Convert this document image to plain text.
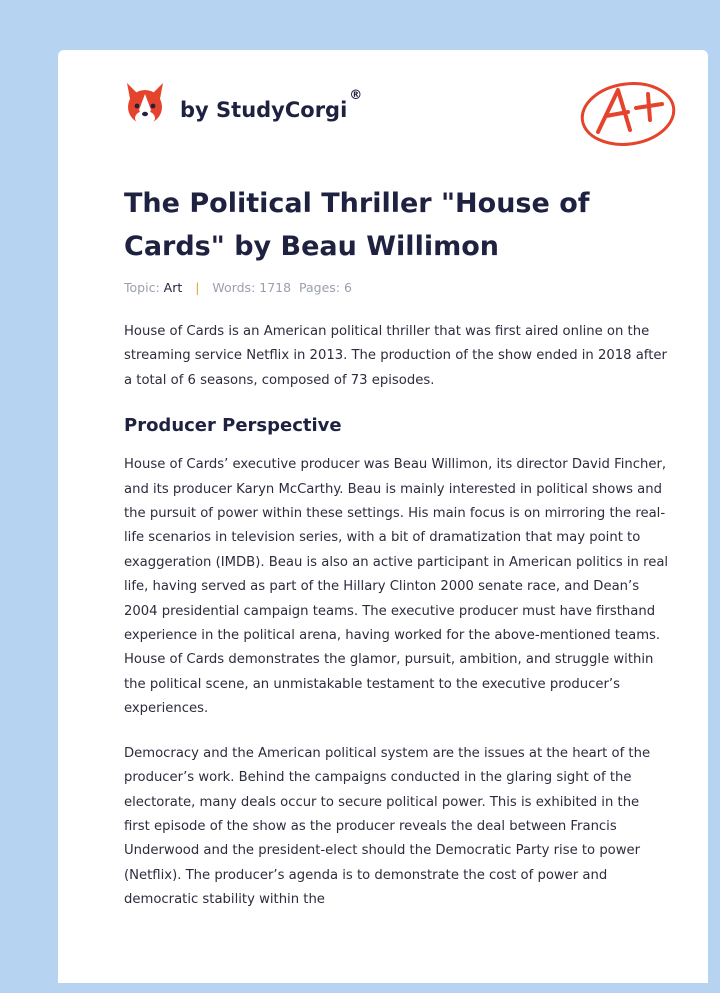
by StudyCorgi
®
The Political Thriller "House of Cards" by Beau Willimon
Topic: Art | Words: 1718 Pages: 6

House of Cards is an American political thriller that was first aired online on the streaming service Netflix in 2013. The production of the show ended in 2018 after a total of 6 seasons, composed of 73 episodes.

Producer Perspective

House of Cards’ executive producer was Beau Willimon, its director David Fincher, and its producer Karyn McCarthy. Beau is mainly interested in political shows and the pursuit of power within these settings. His main focus is on mirroring the real-life scenarios in television series, with a bit of dramatization that may point to exaggeration (IMDB). Beau is also an active participant in American politics in real life, having served as part of the Hillary Clinton 2000 senate race, and Dean’s 2004 presidential campaign teams. The executive producer must have firsthand experience in the political arena, having worked for the above-mentioned teams. House of Cards demonstrates the glamor, pursuit, ambition, and struggle within the political scene, an unmistakable testament to the executive producer’s experiences.

Democracy and the American political system are the issues at the heart of the producer’s work. Behind the campaigns conducted in the glaring sight of the electorate, many deals occur to secure political power. This is exhibited in the first episode of the show as the producer reveals the deal between Francis Underwood and the president-elect should the Democratic Party rise to power (Netflix). The producer’s agenda is to demonstrate the cost of power and democratic stability within the
